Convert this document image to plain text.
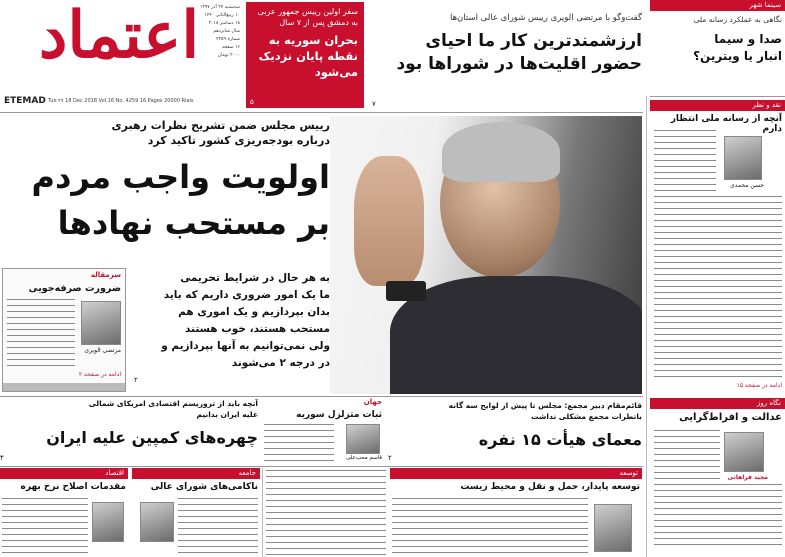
اعتماد
ETEMAD Tue ۲۷ 18 Dec 2018 Vol.16 No. 4259 16 Pages 20000 Rials
سه‌شنبه ۲۷ آذر ۱۳۹۷
۱۰ ربیع‌الثانی ۱۴۴۰
۱۸ دسامبر ۲۰۱۸
سال شانزدهم
شماره ۴۲۵۹
۱۶ صفحه
۲۰۰۰ تومان
سفر اولین رییس جمهور عربی به دمشق پس از ۷ سال
بحران سوریه به نقطه پایان نزدیک می‌شود
۵
گفت‌وگو با مرتضی الویری رییس شورای عالی استان‌ها
ارزشمندترین کار ما احیای
حضور اقلیت‌ها در شوراها بود
۷
سینما شهر
نگاهی به عملکرد رسانه ملی
صدا و سیما
انبار یا ویترین؟
رییس مجلس ضمن تشریح نظرات رهبری
درباره بودجه‌ریزی کشور تاکید کرد
اولویت واجب مردم
بر مستحب نهادها
به هر حال در شرایط تحریمی
ما یک امور ضروری داریم که باید
بدان بپردازیم و یک اموری هم
مستحب هستند، خوب هستند
ولی نمی‌توانیم به آنها بپردازیم و
در درجه ۲ می‌شوند
۲
سرمقاله
ضرورت صرفه‌جویی
مرتضی الویری
ادامه در صفحه ۲
نقد و نظر
آنچه از رسانه ملی انتظار دارم
حسن محمدی
ادامه در صفحه ۱۵
نگاه روز
عدالت و افراط‌گرایی
مجید فراهانی
آنچه باید از تروریسم اقتصادی امریکای شمالی
علیه ایران بدانیم
چهره‌های کمپین علیه ایران
۴
جهان
ثبات متزلزل سوریه
قاسم محب‌علی
قائم‌مقام دبیر مجمع: مجلس تا پیش از لوایح سه گانه
باتطرات مجمع مشکلی نداشت
معمای هیأت ۱۵ نفره
۲
اقتصاد
مقدمات اصلاح نرخ بهره
جامعه
ناکامی‌های شورای عالی
توسعه
توسعه پایدار، حمل و نقل و محیط زیست
